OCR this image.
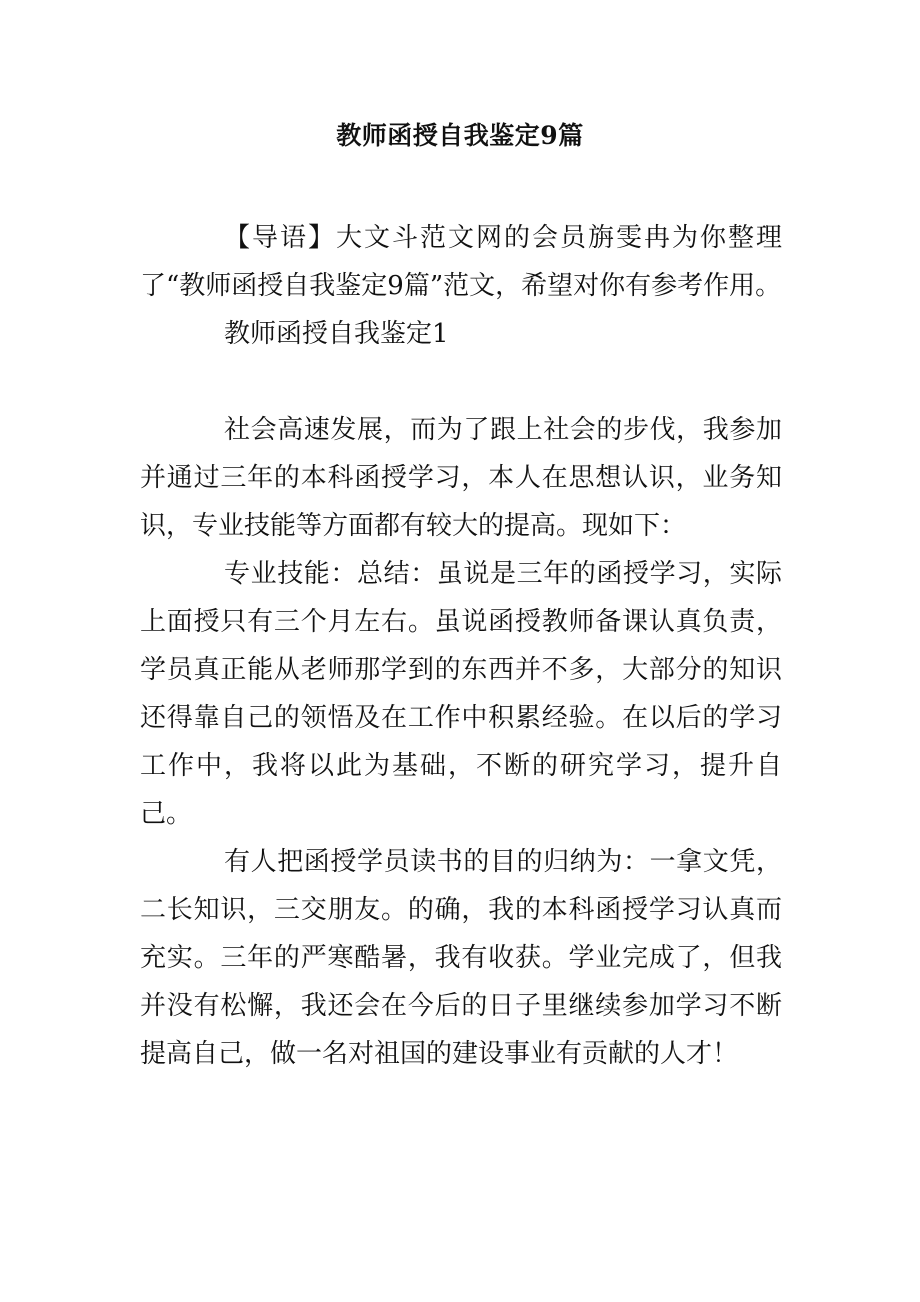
教师函授自我鉴定9篇

【导语】大文斗范文网的会员旃雯冉为你整理了“教师函授自我鉴定9篇”范文，希望对你有参考作用。

教师函授自我鉴定1

社会高速发展，而为了跟上社会的步伐，我参加并通过三年的本科函授学习，本人在思想认识，业务知识，专业技能等方面都有较大的提高。现如下：

专业技能：总结：虽说是三年的函授学习，实际上面授只有三个月左右。虽说函授教师备课认真负责，学员真正能从老师那学到的东西并不多，大部分的知识还得靠自己的领悟及在工作中积累经验。在以后的学习工作中，我将以此为基础，不断的研究学习，提升自己。

有人把函授学员读书的目的归纳为：一拿文凭，二长知识，三交朋友。的确，我的本科函授学习认真而充实。三年的严寒酷暑，我有收获。学业完成了，但我并没有松懈，我还会在今后的日子里继续参加学习不断提高自己，做一名对祖国的建设事业有贡献的人才！
